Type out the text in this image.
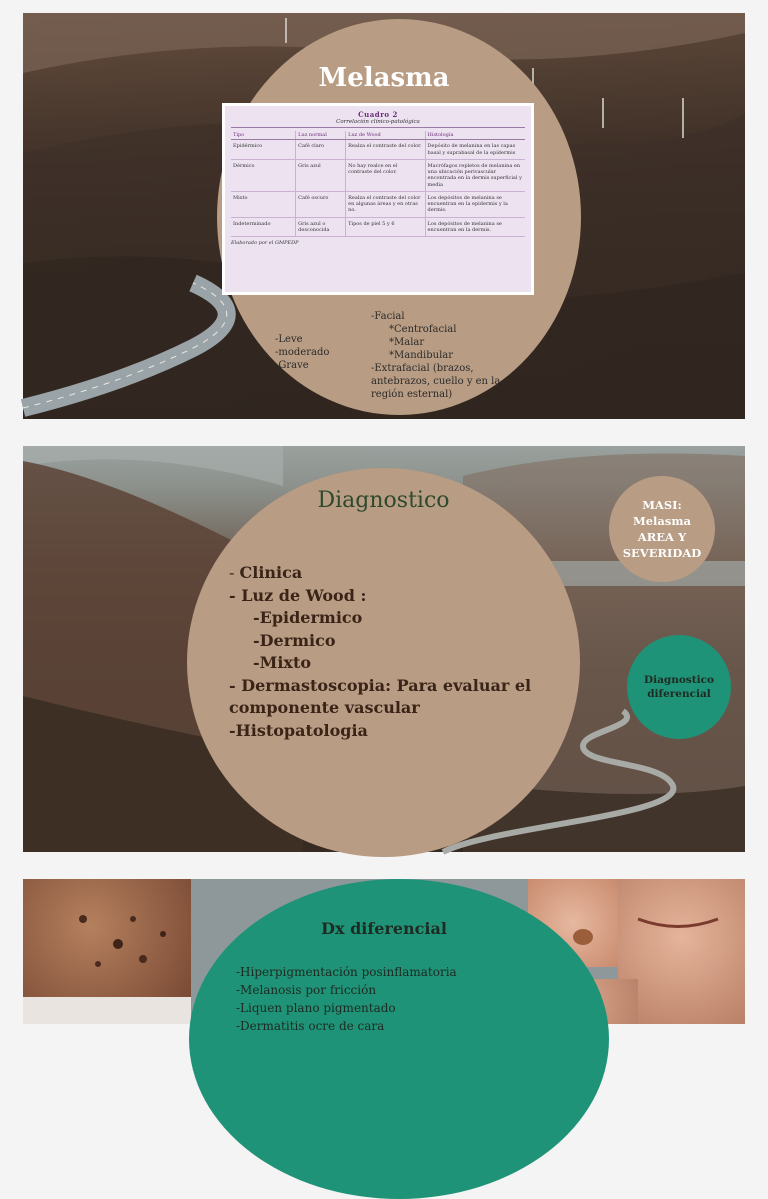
Melasma
Cuadro 2
Correlación clínico-patológica
Tipo	Luz normal	Luz de Wood	Histología
Epidérmico	Café claro	Realza el contraste del color.	Depósito de melanina en las capas basal y suprabasal de la epidermis
Dérmico	Gris azul	No hay realce en el contraste del color.	Macrófagos repletos de melanina en una ubicación perivascular encontrada en la dermis superficial y media
Mixto	Café oscuro	Realza el contraste del color en algunas áreas y en otras no.	Los depósitos de melanina se encuentran en la epidermis y la dermis.
Indeterminado	Gris azul o desconocida	Tipos de piel 5 y 6	Los depósitos de melanina se encuentran en la dermis.
Elaborado por el GMPEDP
-Leve
-moderado
-Grave
-Facial
*Centrofacial
*Malar
*Mandibular
-Extrafacial (brazos, antebrazos, cuello y en la región esternal)
Diagnostico
- Clinica
- Luz de Wood :
-Epidermico
-Dermico
-Mixto
- Dermastoscopia: Para evaluar el componente vascular
-Histopatologia
MASI:
Melasma
AREA Y
SEVERIDAD
Diagnostico
diferencial
Dx diferencial
-Hiperpigmentación posinflamatoria
-Melanosis por fricción
-Liquen plano pigmentado
-Dermatitis ocre de cara
